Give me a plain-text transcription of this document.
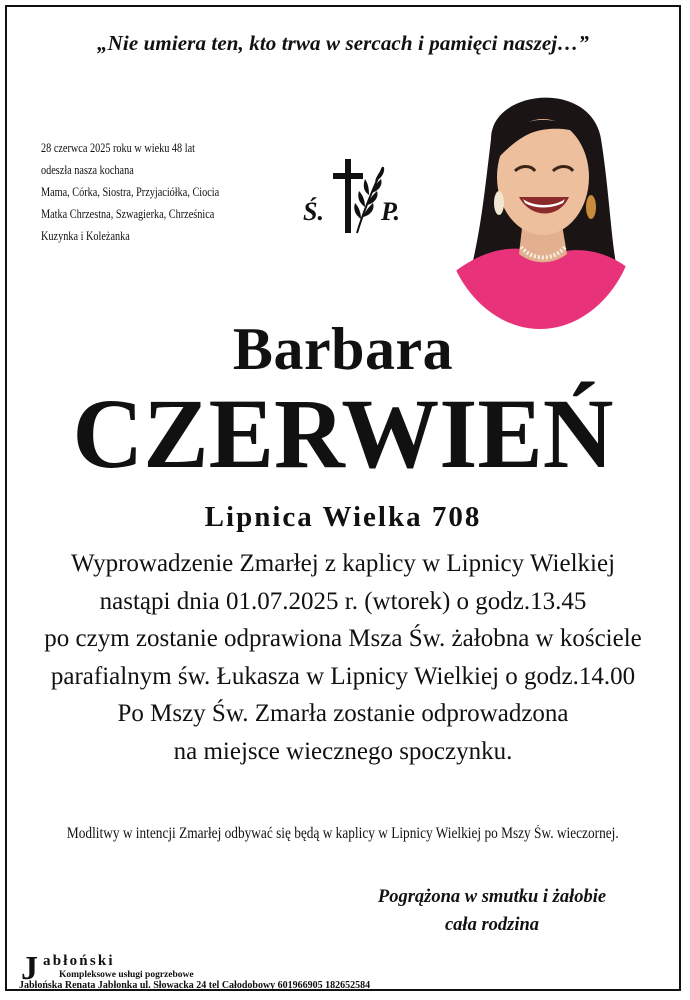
„Nie umiera ten, kto trwa w sercach i pamięci naszej…”
28 czerwca 2025 roku w wieku 48 lat
odeszła nasza kochana
Mama, Córka, Siostra, Przyjaciółka, Ciocia
Matka Chrzestna, Szwagierka, Chrześnica
Kuzynka i Koleżanka
Ś. P.
Barbara
CZERWIEŃ
Lipnica Wielka 708
Wyprowadzenie Zmarłej z kaplicy w Lipnicy Wielkiej
nastąpi dnia 01.07.2025 r. (wtorek) o godz.13.45
po czym zostanie odprawiona Msza Św. żałobna w kościele
parafialnym św. Łukasza w Lipnicy Wielkiej o godz.14.00
Po Mszy Św. Zmarła zostanie odprowadzona
na miejsce wiecznego spoczynku.
Modlitwy w intencji Zmarłej odbywać się będą w kaplicy w Lipnicy Wielkiej po Mszy Św. wieczornej.
Pogrążona w smutku i żałobie
cała rodzina
J abłoński
Kompleksowe usługi pogrzebowe
Jabłońska Renata Jabłonka ul. Słowacka 24 tel Całodobowy 601966905 182652584
